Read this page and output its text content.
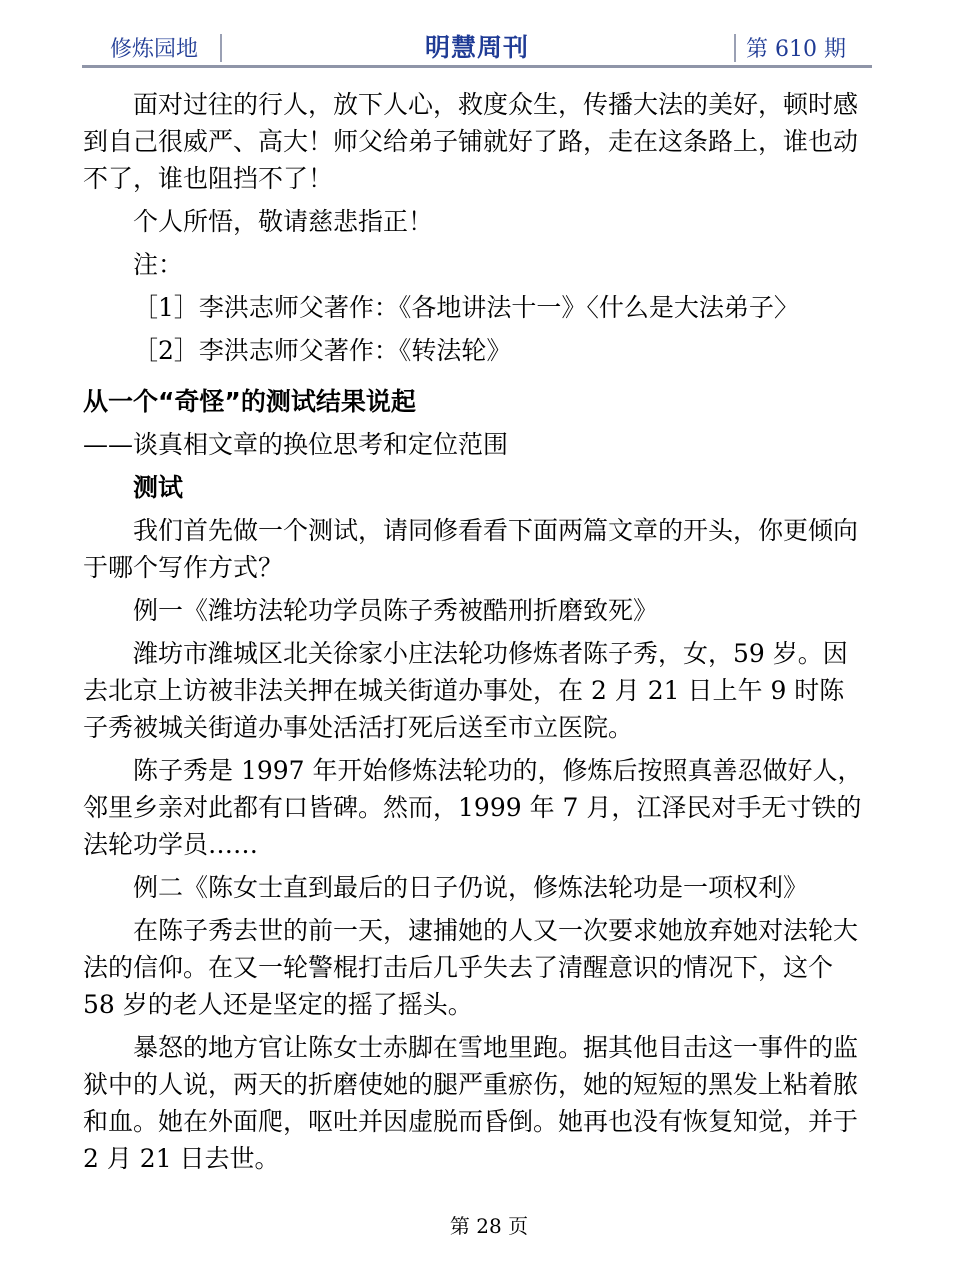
修炼园地	明慧周刊	第 610 期

面对过往的行人，放下人心，救度众生，传播大法的美好，顿时感到自己很威严、高大！师父给弟子铺就好了路，走在这条路上，谁也动不了，谁也阻挡不了！

个人所悟，敬请慈悲指正！

注：

［1］李洪志师父著作：《各地讲法十一》〈什么是大法弟子〉

［2］李洪志师父著作：《转法轮》

从一个“奇怪”的测试结果说起

——谈真相文章的换位思考和定位范围

测试

我们首先做一个测试，请同修看看下面两篇文章的开头，你更倾向于哪个写作方式？

例一《潍坊法轮功学员陈子秀被酷刑折磨致死》

潍坊市潍城区北关徐家小庄法轮功修炼者陈子秀，女，59 岁。因去北京上访被非法关押在城关街道办事处，在 2 月 21 日上午 9 时陈子秀被城关街道办事处活活打死后送至市立医院。

陈子秀是 1997 年开始修炼法轮功的，修炼后按照真善忍做好人，邻里乡亲对此都有口皆碑。然而，1999 年 7 月，江泽民对手无寸铁的法轮功学员……

例二《陈女士直到最后的日子仍说，修炼法轮功是一项权利》

在陈子秀去世的前一天，逮捕她的人又一次要求她放弃她对法轮大法的信仰。在又一轮警棍打击后几乎失去了清醒意识的情况下，这个 58 岁的老人还是坚定的摇了摇头。

暴怒的地方官让陈女士赤脚在雪地里跑。据其他目击这一事件的监狱中的人说，两天的折磨使她的腿严重瘀伤，她的短短的黑发上粘着脓和血。她在外面爬，呕吐并因虚脱而昏倒。她再也没有恢复知觉，并于 2 月 21 日去世。

第 28 页
